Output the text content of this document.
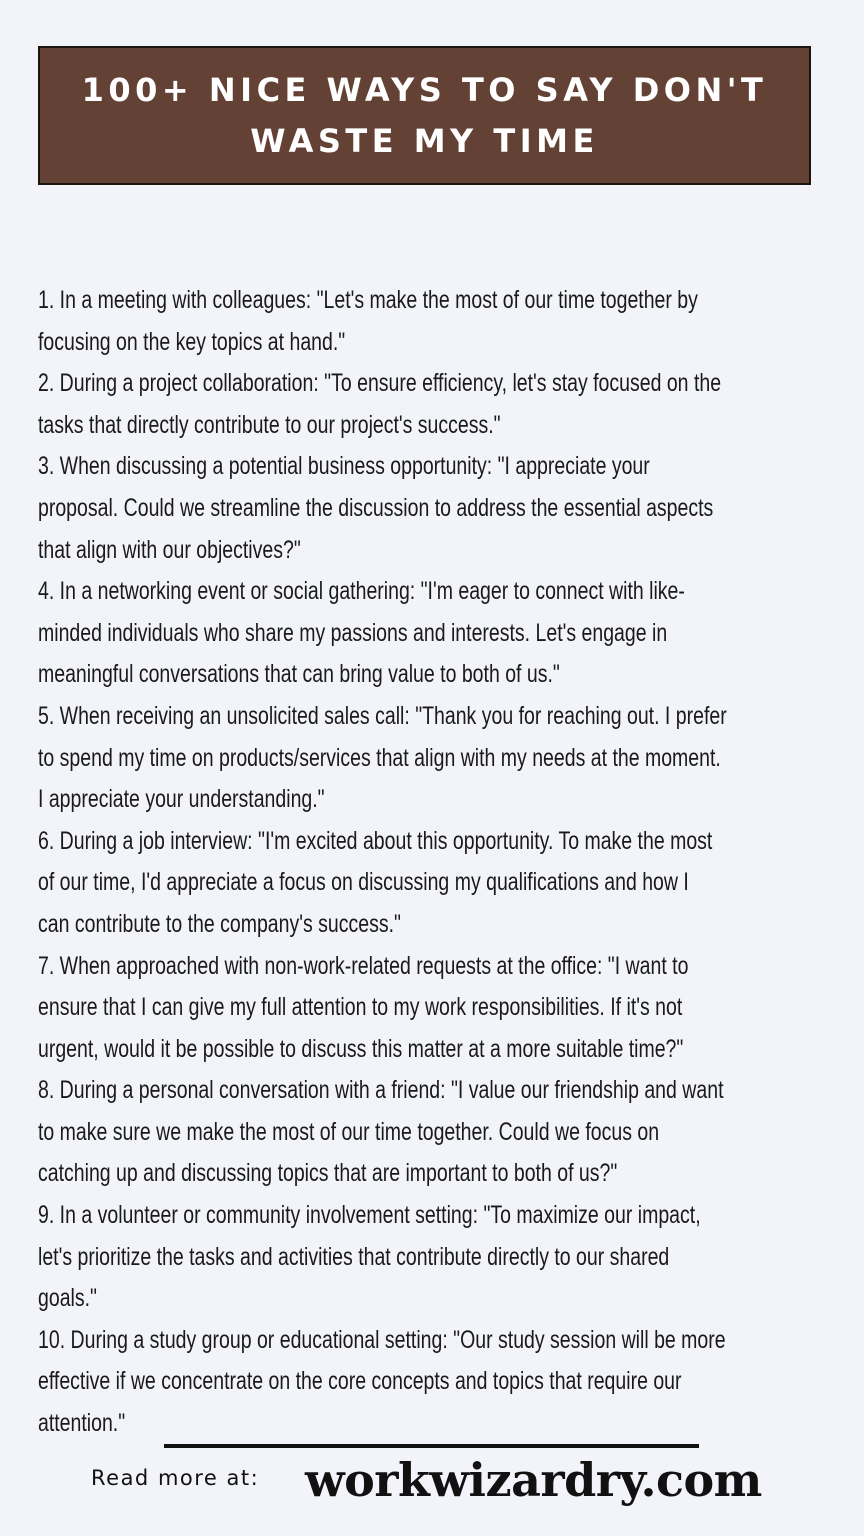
100+ NICE WAYS TO SAY DON'T
WASTE MY TIME
1. In a meeting with colleagues: "Let's make the most of our time together by
focusing on the key topics at hand."
2. During a project collaboration: "To ensure efficiency, let's stay focused on the
tasks that directly contribute to our project's success."
3. When discussing a potential business opportunity: "I appreciate your
proposal. Could we streamline the discussion to address the essential aspects
that align with our objectives?"
4. In a networking event or social gathering: "I'm eager to connect with like-
minded individuals who share my passions and interests. Let's engage in
meaningful conversations that can bring value to both of us."
5. When receiving an unsolicited sales call: "Thank you for reaching out. I prefer
to spend my time on products/services that align with my needs at the moment.
I appreciate your understanding."
6. During a job interview: "I'm excited about this opportunity. To make the most
of our time, I'd appreciate a focus on discussing my qualifications and how I
can contribute to the company's success."
7. When approached with non-work-related requests at the office: "I want to
ensure that I can give my full attention to my work responsibilities. If it's not
urgent, would it be possible to discuss this matter at a more suitable time?"
8. During a personal conversation with a friend: "I value our friendship and want
to make sure we make the most of our time together. Could we focus on
catching up and discussing topics that are important to both of us?"
9. In a volunteer or community involvement setting: "To maximize our impact,
let's prioritize the tasks and activities that contribute directly to our shared
goals."
10. During a study group or educational setting: "Our study session will be more
effective if we concentrate on the core concepts and topics that require our
attention."
Read more at: workwizardry.com
